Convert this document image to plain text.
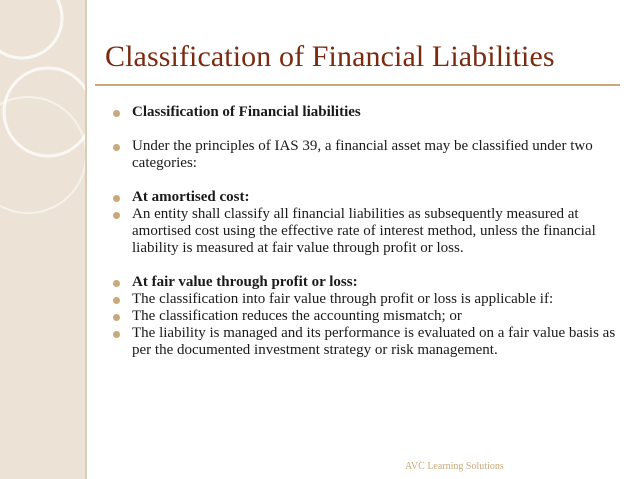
Classification of Financial Liabilities
Classification of Financial liabilities
Under the principles of IAS 39, a financial asset may be classified under two categories:
At amortised cost:
An entity shall classify all financial liabilities as subsequently measured at amortised cost using the effective rate of interest method, unless the financial liability is measured at fair value through profit or loss.
At fair value through profit or loss:
The classification into fair value through profit or loss is applicable if:
The classification reduces the accounting mismatch; or
The liability is managed and its performance is evaluated on a fair value basis as per the documented investment strategy or risk management.
AVC Learning Solutions
